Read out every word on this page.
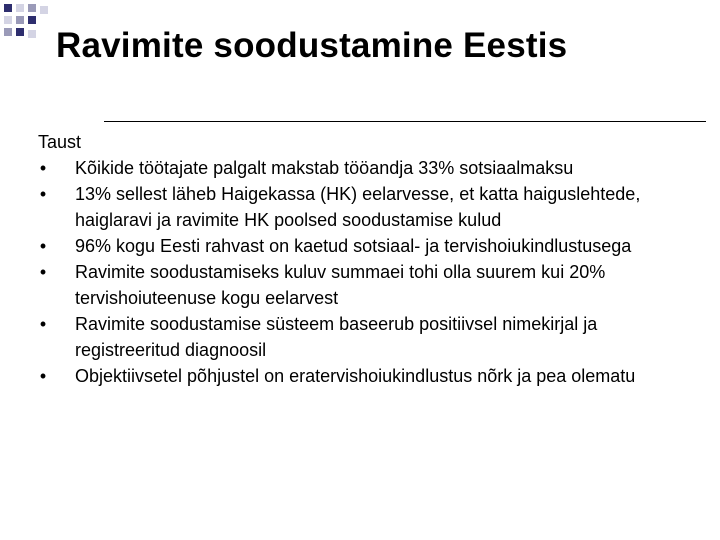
Ravimite soodustamine Eestis

Taust

• Kõikide töötajate palgalt makstab tööandja 33% sotsiaalmaksu
• 13% sellest läheb Haigekassa (HK) eelarvesse, et katta haiguslehtede, haiglaravi ja ravimite HK poolsed soodustamise kulud
• 96% kogu Eesti rahvast on kaetud sotsiaal- ja tervishoiukindlustusega
• Ravimite soodustamiseks kuluv summaei tohi olla suurem kui 20% tervishoiuteenuse kogu eelarvest
• Ravimite soodustamise süsteem baseerub positiivsel nimekirjal ja registreeritud diagnoosil
• Objektiivsetel põhjustel on eratervishoiukindlustus nõrk ja pea olematu
